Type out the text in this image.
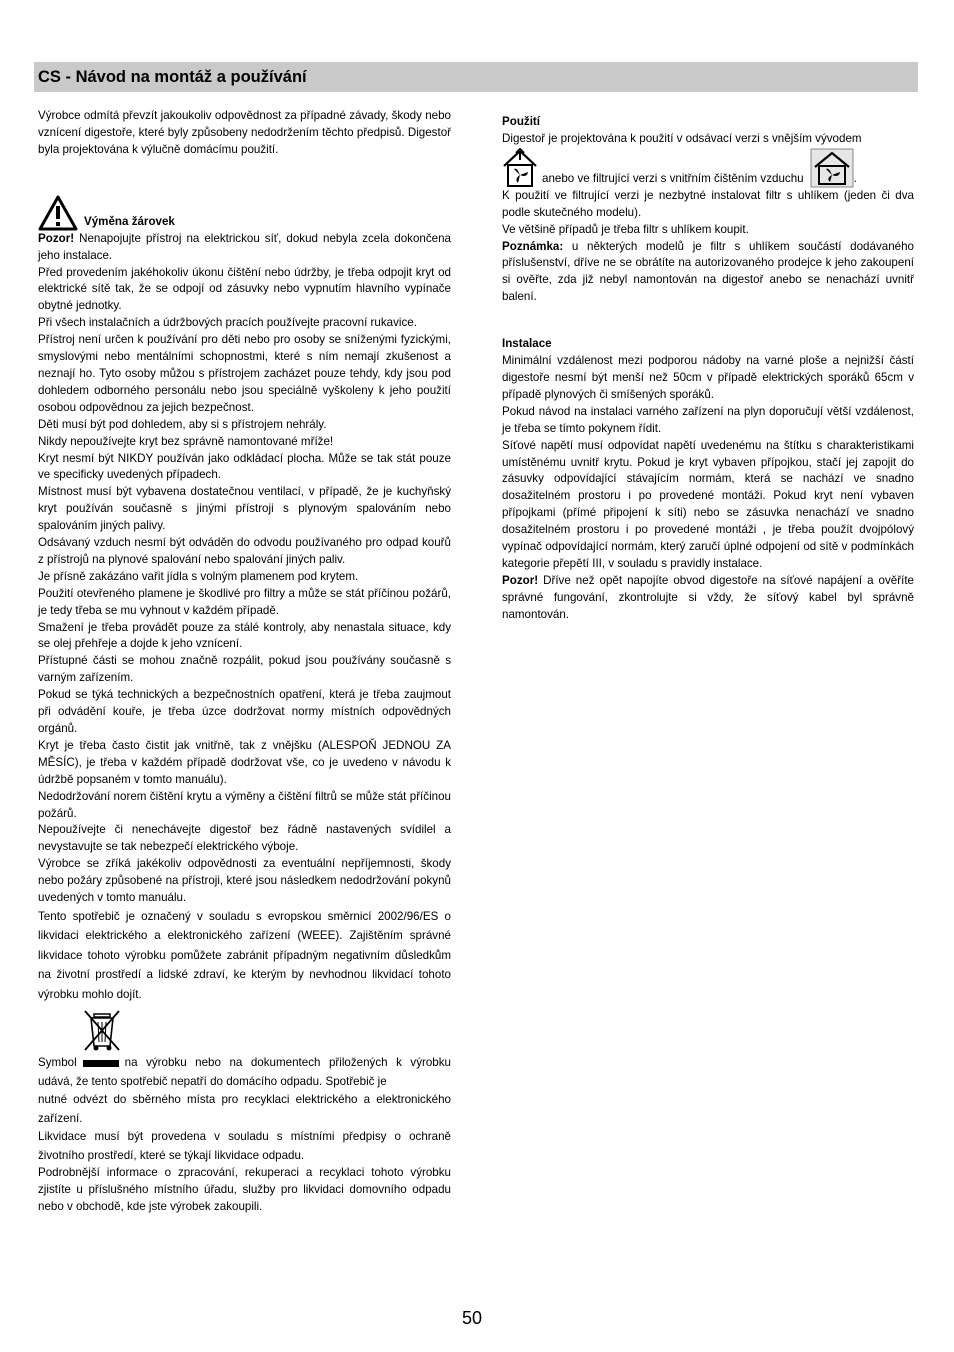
CS - Návod na montáž a používání

Výrobce odmítá převzít jakoukoliv odpovědnost za případné závady, škody nebo vznícení digestoře, které byly způsobeny nedodržením těchto předpisů. Digestoř byla projektována k výlučně domácímu použití.

Výměna žárovek

Pozor! Nenapojujte přístroj na elektrickou síť, dokud nebyla zcela dokončena jeho instalace.

Před provedením jakéhokoliv úkonu čištění nebo údržby, je třeba odpojit kryt od elektrické sítě tak, že se odpojí od zásuvky nebo vypnutím hlavního vypínače obytné jednotky.

Při všech instalačních a údržbových pracích používejte pracovní rukavice.

Přístroj není určen k používání pro děti nebo pro osoby se sníženými fyzickými, smyslovými nebo mentálními schopnostmi, které s ním nemají zkušenost a neznají ho. Tyto osoby můžou s přístrojem zacházet pouze tehdy, kdy jsou pod dohledem odborného personálu nebo jsou speciálně vyškoleny k jeho použití osobou odpovědnou za jejich bezpečnost.

Děti musí být pod dohledem, aby si s přístrojem nehrály.

Nikdy nepoužívejte kryt bez správně namontované mříže!

Kryt nesmí být NIKDY používán jako odkládací plocha. Může se tak stát pouze ve specificky uvedených případech.

Místnost musí být vybavena dostatečnou ventilací, v případě, že je kuchyňský kryt používán současně s jinými přístroji s plynovým spalováním nebo spalováním jiných palivy.

Odsávaný vzduch nesmí být odváděn do odvodu používaného pro odpad kouřů z přístrojů na plynové spalování nebo spalování jiných paliv.

Je přísně zakázáno vařit jídla s volným plamenem pod krytem.

Použití otevřeného plamene je škodlivé pro filtry a může se stát příčinou požárů, je tedy třeba se mu vyhnout v každém případě.

Smažení je třeba provádět pouze za stálé kontroly, aby nenastala situace, kdy se olej přehřeje a dojde k jeho vznícení.

Přístupné části se mohou značně rozpálit, pokud jsou používány současně s varným zařízením.

Pokud se týká technických a bezpečnostních opatření, která je třeba zaujmout při odvádění kouře, je třeba úzce dodržovat normy místních odpovědných orgánů.

Kryt je třeba často čistit jak vnitřně, tak z vnějšku (ALESPOŇ JEDNOU ZA MĚSÍC), je třeba v každém případě dodržovat vše, co je uvedeno v návodu k údržbě popsaném v tomto manuálu).

Nedodržování norem čištění krytu a výměny a čištění filtrů se může stát příčinou požárů.

Nepoužívejte či nenechávejte digestoř bez řádně nastavených svídilel a nevystavujte se tak nebezpečí elektrického výboje.

Výrobce se zříká jakékoliv odpovědnosti za eventuální nepříjemnosti, škody nebo požáry způsobené na přístroji, které jsou následkem nedodržování pokynů uvedených v tomto manuálu.

Tento spotřebič je označený v souladu s evropskou směrnicí 2002/96/ES o likvidaci elektrického a elektronického zařízení (WEEE). Zajištěním správné likvidace tohoto výrobku pomůžete zabránit případným negativním důsledkům na životní prostředí a lidské zdraví, ke kterým by nevhodnou likvidací tohoto výrobku mohlo dojít.

Symbol	na výrobku nebo na dokumentech přiložených k výrobku udává, že tento spotřebič nepatří do domácího odpadu. Spotřebič je

nutné odvézt do sběrného místa pro recyklaci elektrického a elektronického zařízení.

Likvidace musí být provedena v souladu s místními předpisy o ochraně životního prostředí, které se týkají likvidace odpadu.

Podrobnější informace o zpracování, rekuperaci a recyklaci tohoto výrobku zjistíte u příslušného místního úřadu, služby pro likvidaci domovního odpadu nebo v obchodě, kde jste výrobek zakoupili.

Použití

Digestoř je projektována k použití v odsávací verzi s vnějším vývodem

anebo ve filtrující verzi s vnitřním čištěním vzduchu	.

K použití ve filtrující verzi je nezbytné instalovat filtr s uhlíkem (jeden či dva podle skutečného modelu).

Ve většině případů je třeba filtr s uhlíkem koupit.

Poznámka: u některých modelů je filtr s uhlíkem součástí dodávaného příslušenství, dříve ne se obrátíte na autorizovaného prodejce k jeho zakoupení si ověřte, zda již nebyl namontován na digestoř anebo se nenachází uvnitř balení.

Instalace

Minimální vzdálenost mezi podporou nádoby na varné ploše a nejnižší částí digestoře nesmí být menší než 50cm v případě elektrických sporáků 65cm v případě plynových či smíšených sporáků.

Pokud návod na instalaci varného zařízení na plyn doporučují větší vzdálenost, je třeba se tímto pokynem řídit.

Síťové napětí musí odpovídat napětí uvedenému na štítku s charakteristikami umístěnému uvnitř krytu. Pokud je kryt vybaven přípojkou, stačí jej zapojit do zásuvky odpovídající stávajícím normám, která se nachází ve snadno dosažitelném prostoru i po provedené montáži. Pokud kryt není vybaven přípojkami (přímé připojení k síti) nebo se zásuvka nenachází ve snadno dosažitelném prostoru i po provedené montáži , je třeba použít dvojpólový vypínač odpovídající normám, který zaručí úplné odpojení od sítě v podmínkách kategorie přepětí III, v souladu s pravidly instalace.

Pozor! Dříve než opět napojíte obvod digestoře na síťové napájení a ověříte správné fungování, zkontrolujte si vždy, že síťový kabel byl správně namontován.

50
